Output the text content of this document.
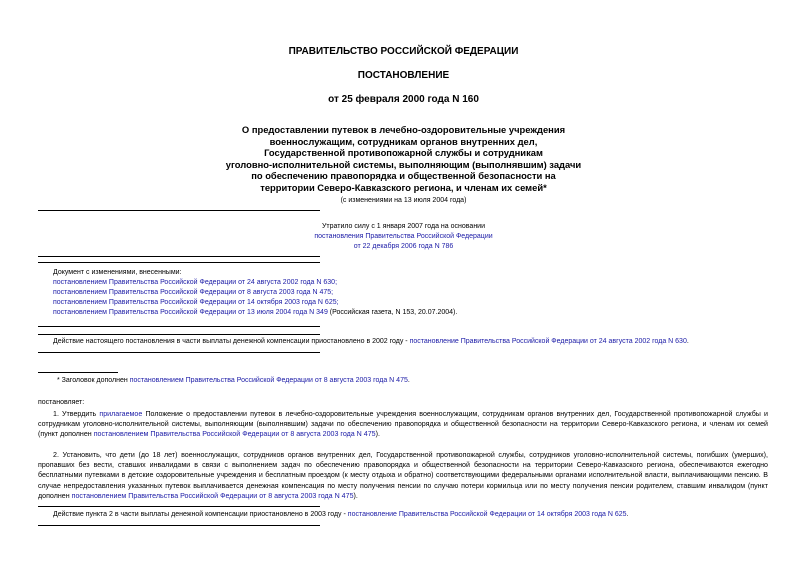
ПРАВИТЕЛЬСТВО РОССИЙСКОЙ ФЕДЕРАЦИИ
ПОСТАНОВЛЕНИЕ
от 25 февраля 2000 года N 160
О предоставлении путевок в лечебно-оздоровительные учреждения
военнослужащим, сотрудникам органов внутренних дел,
Государственной противопожарной службы и сотрудникам
уголовно-исполнительной системы, выполняющим (выполнявшим) задачи
по обеспечению правопорядка и общественной безопасности на
территории Северо-Кавказского региона, и членам их семей*
(с изменениями на 13 июля 2004 года)
Утратило силу с 1 января 2007 года на основании
постановления Правительства Российской Федерации
от 22 декабря 2006 года N 786
Документ с изменениями, внесенными:
постановлением Правительства Российской Федерации от 24 августа 2002 года N 630;
постановлением Правительства Российской Федерации от 8 августа 2003 года N 475;
постановлением Правительства Российской Федерации от 14 октября 2003 года N 625;
постановлением Правительства Российской Федерации от 13 июля 2004 года N 349 (Российская газета, N 153, 20.07.2004).
Действие настоящего постановления в части выплаты денежной компенсации приостановлено в 2002 году - постановление Правительства Российской Федерации от 24 августа 2002 года N 630.
* Заголовок дополнен постановлением Правительства Российской Федерации от 8 августа 2003 года N 475.
постановляет:
1. Утвердить прилагаемое Положение о предоставлении путевок в лечебно-оздоровительные учреждения военнослужащим, сотрудникам органов внутренних дел, Государственной противопожарной службы и сотрудникам уголовно-исполнительной системы, выполняющим (выполнявшим) задачи по обеспечению правопорядка и общественной безопасности на территории Северо-Кавказского региона, и членам их семей (пункт дополнен постановлением Правительства Российской Федерации от 8 августа 2003 года N 475).
2. Установить, что дети (до 18 лет) военнослужащих, сотрудников органов внутренних дел, Государственной противопожарной службы, сотрудников уголовно-исполнительной системы, погибших (умерших), пропавших без вести, ставших инвалидами в связи с выполнением задач по обеспечению правопорядка и общественной безопасности на территории Северо-Кавказского региона, обеспечиваются ежегодно бесплатными путевками в детские оздоровительные учреждения и бесплатным проездом (к месту отдыха и обратно) соответствующими федеральными органами исполнительной власти, выплачивающими пенсию. В случае непредоставления указанных путевок выплачивается денежная компенсация по месту получения пенсии по случаю потери кормильца или по месту получения пенсии родителем, ставшим инвалидом (пункт дополнен постановлением Правительства Российской Федерации от 8 августа 2003 года N 475).
Действие пункта 2 в части выплаты денежной компенсации приостановлено в 2003 году - постановление Правительства Российской Федерации от 14 октября 2003 года N 625.
